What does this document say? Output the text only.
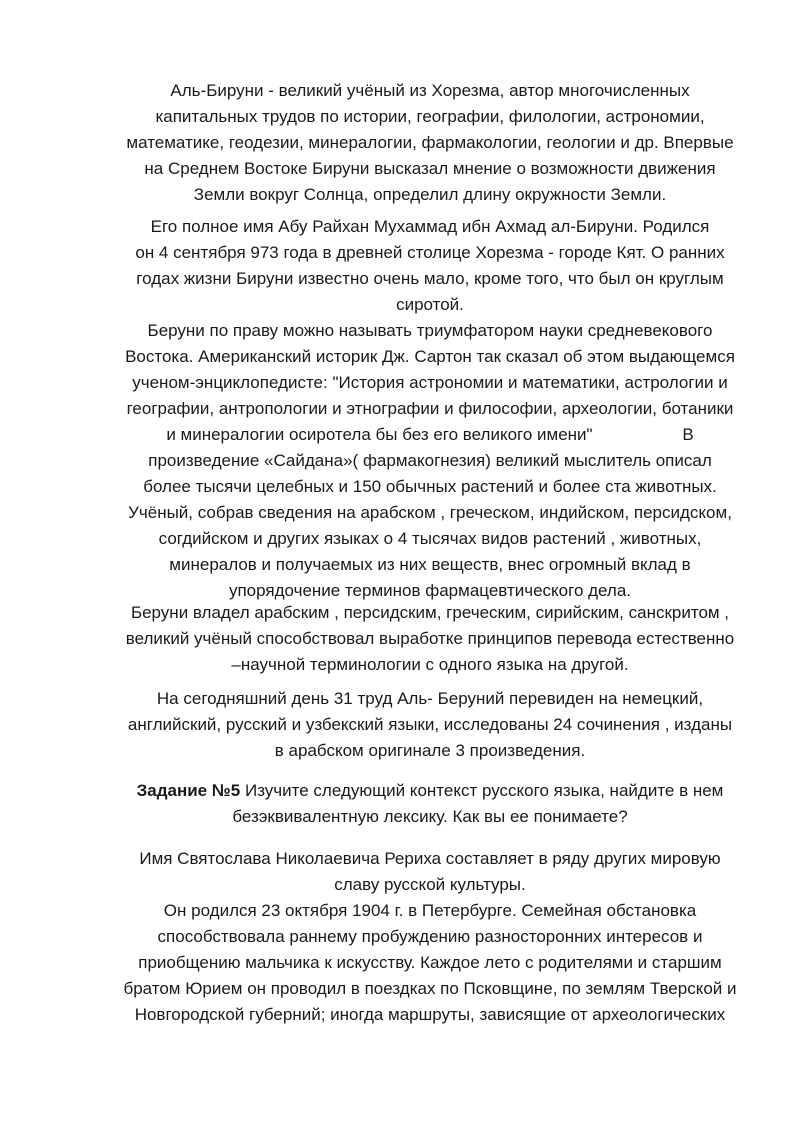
Аль-Бируни - великий учёный из Хорезма, автор многочисленных
капитальных трудов по истории, географии, филологии, астрономии,
математике, геодезии, минералогии, фармакологии, геологии и др. Впервые
на Среднем Востоке Бируни высказал мнение о возможности движения
Земли вокруг Солнца, определил длину окружности Земли.
Его полное имя Абу Райхан Мухаммад ибн Ахмад ал-Бируни. Родился
он 4 сентября 973 года в древней столице Хорезма - городе Кят. О ранних
годах жизни Бируни известно очень мало, кроме того, что был он круглым
сиротой.
Беруни по праву можно называть триумфатором науки средневекового
Востока. Американский историк Дж. Сартон так сказал об этом выдающемся
ученом-энциклопедисте: "История астрономии и математики, астрологии и
географии, антропологии и этнографии и философии, археологии, ботаники
и минералогии осиротела бы без его великого имени"                   В
произведение «Сайдана»( фармакогнезия) великий мыслитель описал
более тысячи целебных и 150 обычных растений и более ста животных.
Учёный, собрав сведения на арабском , греческом, индийском, персидском,
согдийском и других языках о 4 тысячах видов растений , животных,
минералов и получаемых из них веществ, внес огромный вклад в
упорядочение терминов фармацевтического дела.
Беруни владел арабским , персидским, греческим, сирийским, санскритом ,
великий учёный способствовал выработке принципов перевода естественно
–научной терминологии с одного языка на другой.
На сегодняшний день 31 труд Аль- Беруний перевиден на немецкий,
английский, русский и узбекский языки, исследованы 24 сочинения , изданы
в арабском оригинале 3 произведения.
Задание №5 Изучите следующий контекст русского языка, найдите в нем
безэквивалентную лексику. Как вы ее понимаете?
Имя Святослава Николаевича Рериха составляет в ряду других мировую
славу русской культуры.
Он родился 23 октября 1904 г. в Петербурге. Семейная обстановка
способствовала раннему пробуждению разносторонних интересов и
приобщению мальчика к искусству. Каждое лето с родителями и старшим
братом Юрием он проводил в поездках по Псковщине, по землям Тверской и
Новгородской губерний; иногда маршруты, зависящие от археологических
